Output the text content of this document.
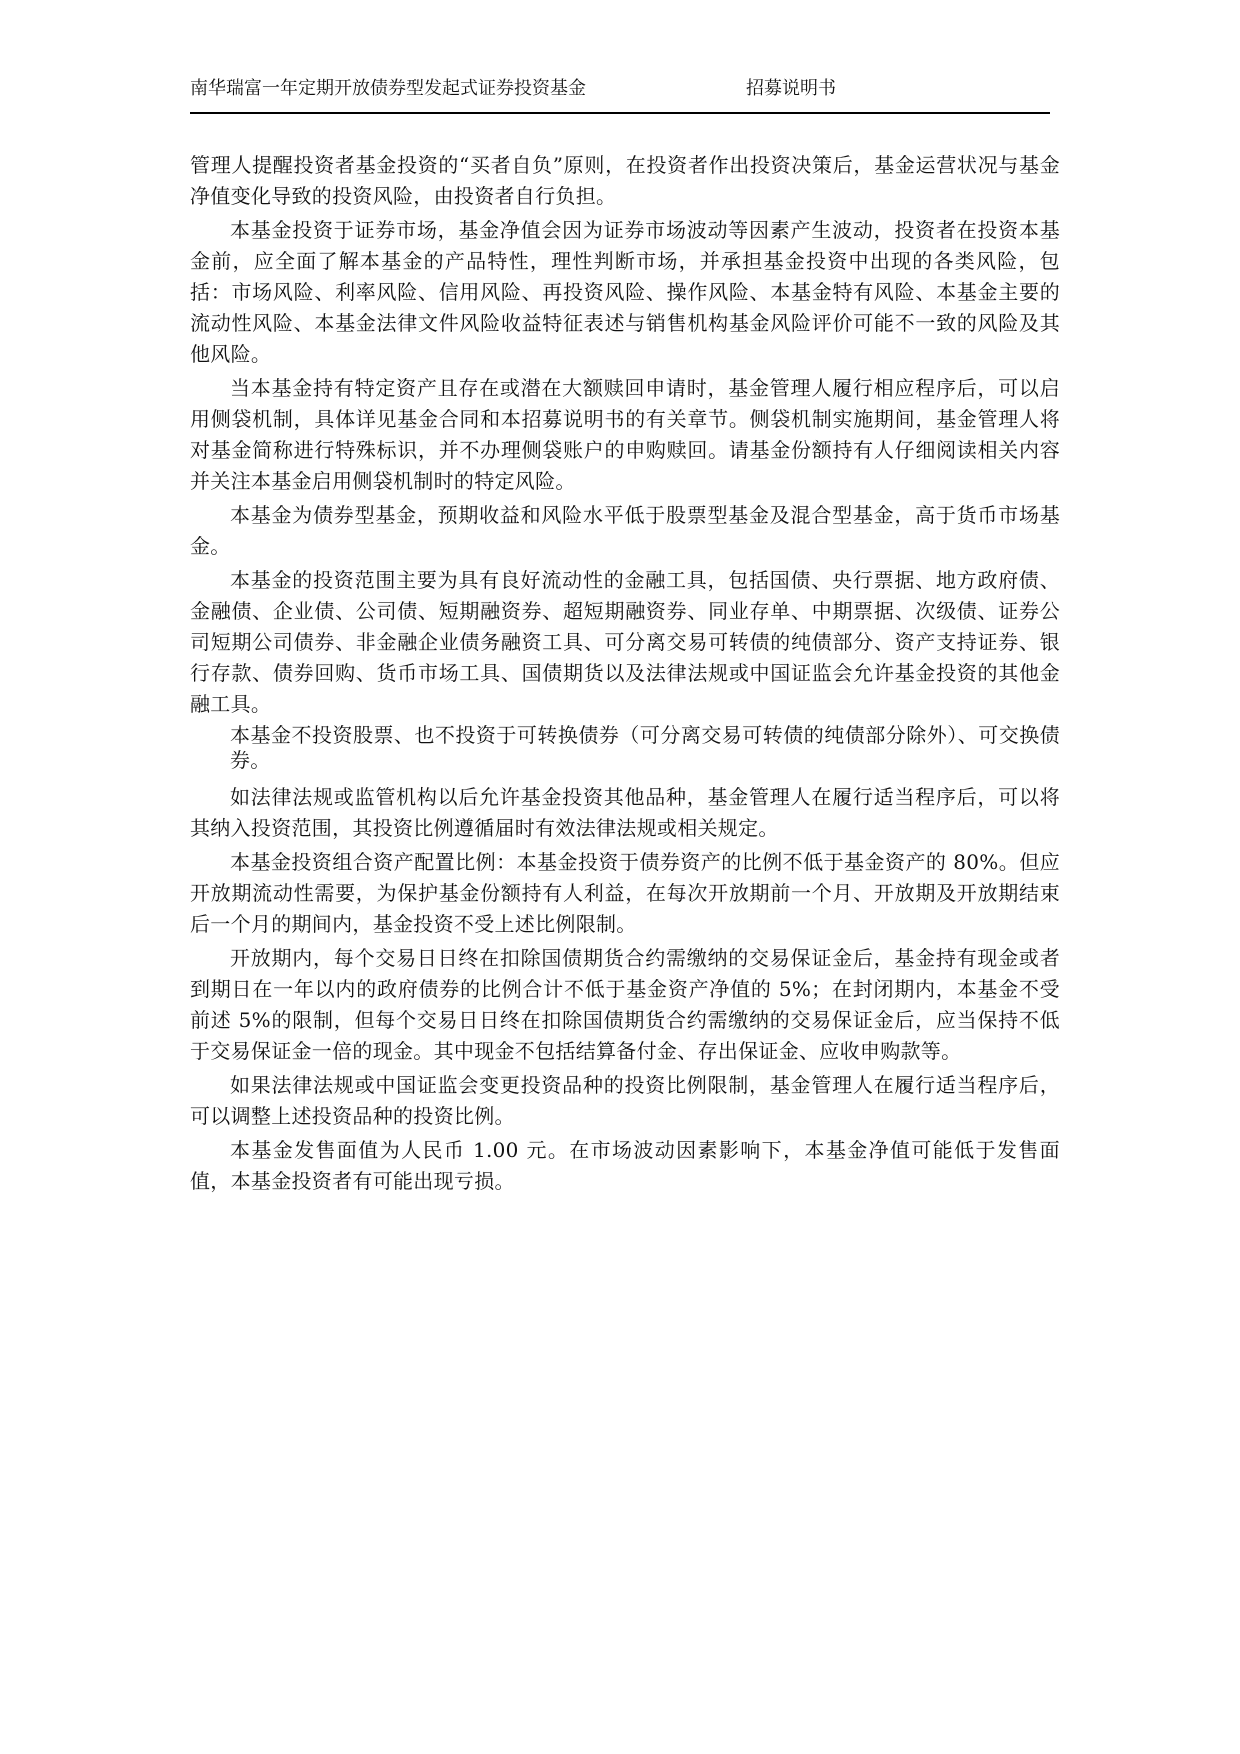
南华瑞富一年定期开放债券型发起式证券投资基金	招募说明书

管理人提醒投资者基金投资的“买者自负”原则，在投资者作出投资决策后，基金运营状况与基金净值变化导致的投资风险，由投资者自行负担。

本基金投资于证券市场，基金净值会因为证券市场波动等因素产生波动，投资者在投资本基金前，应全面了解本基金的产品特性，理性判断市场，并承担基金投资中出现的各类风险，包括：市场风险、利率风险、信用风险、再投资风险、操作风险、本基金特有风险、本基金主要的流动性风险、本基金法律文件风险收益特征表述与销售机构基金风险评价可能不一致的风险及其他风险。

当本基金持有特定资产且存在或潜在大额赎回申请时，基金管理人履行相应程序后，可以启用侧袋机制，具体详见基金合同和本招募说明书的有关章节。侧袋机制实施期间，基金管理人将对基金简称进行特殊标识，并不办理侧袋账户的申购赎回。请基金份额持有人仔细阅读相关内容并关注本基金启用侧袋机制时的特定风险。

本基金为债券型基金，预期收益和风险水平低于股票型基金及混合型基金，高于货币市场基金。

本基金的投资范围主要为具有良好流动性的金融工具，包括国债、央行票据、地方政府债、金融债、企业债、公司债、短期融资券、超短期融资券、同业存单、中期票据、次级债、证券公司短期公司债券、非金融企业债务融资工具、可分离交易可转债的纯债部分、资产支持证券、银行存款、债券回购、货币市场工具、国债期货以及法律法规或中国证监会允许基金投资的其他金融工具。

本基金不投资股票、也不投资于可转换债券（可分离交易可转债的纯债部分除外）、可交换债券。

如法律法规或监管机构以后允许基金投资其他品种，基金管理人在履行适当程序后，可以将其纳入投资范围，其投资比例遵循届时有效法律法规或相关规定。

本基金投资组合资产配置比例：本基金投资于债券资产的比例不低于基金资产的 80%。但应开放期流动性需要，为保护基金份额持有人利益，在每次开放期前一个月、开放期及开放期结束后一个月的期间内，基金投资不受上述比例限制。

开放期内，每个交易日日终在扣除国债期货合约需缴纳的交易保证金后，基金持有现金或者到期日在一年以内的政府债券的比例合计不低于基金资产净值的 5%；在封闭期内，本基金不受前述 5%的限制，但每个交易日日终在扣除国债期货合约需缴纳的交易保证金后，应当保持不低于交易保证金一倍的现金。其中现金不包括结算备付金、存出保证金、应收申购款等。

如果法律法规或中国证监会变更投资品种的投资比例限制，基金管理人在履行适当程序后，可以调整上述投资品种的投资比例。

本基金发售面值为人民币 1.00 元。在市场波动因素影响下，本基金净值可能低于发售面值，本基金投资者有可能出现亏损。
